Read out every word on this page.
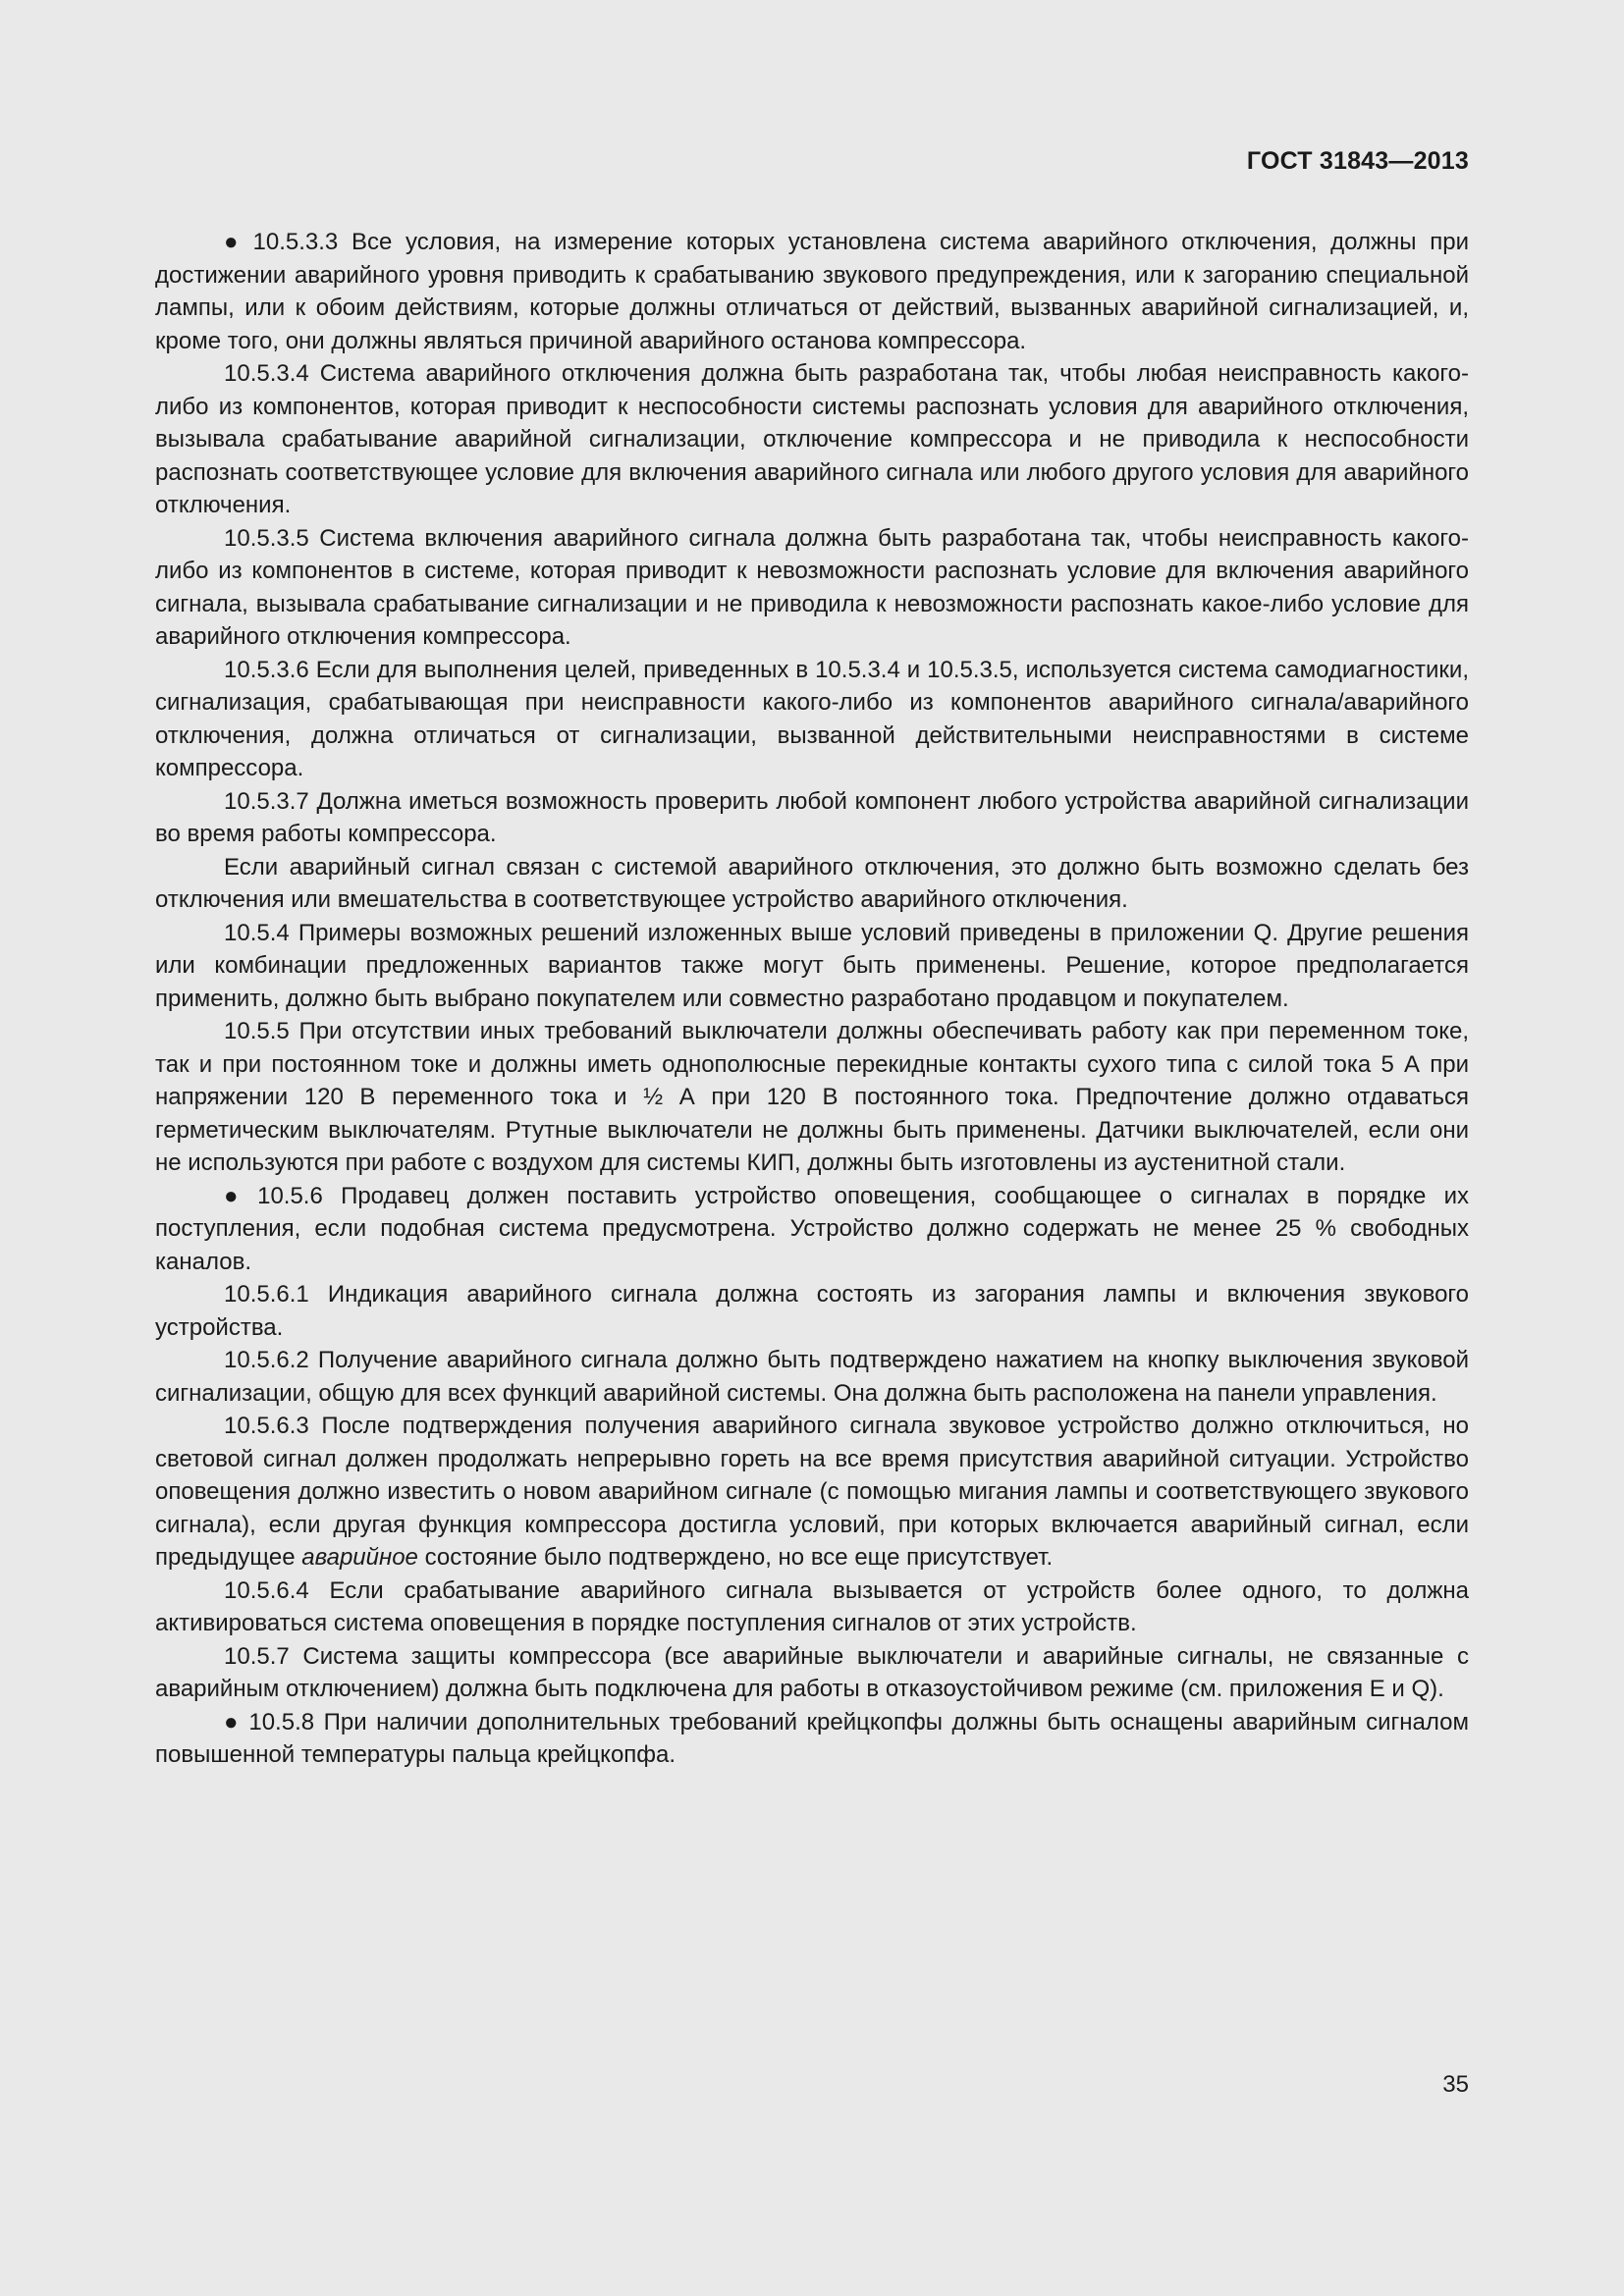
ГОСТ 31843—2013

● 10.5.3.3 Все условия, на измерение которых установлена система аварийного отключения, должны при достижении аварийного уровня приводить к срабатыванию звукового предупреждения, или к загоранию специальной лампы, или к обоим действиям, которые должны отличаться от действий, вызванных аварийной сигнализацией, и, кроме того, они должны являться причиной аварийного останова компрессора.

10.5.3.4 Система аварийного отключения должна быть разработана так, чтобы любая неисправность какого-либо из компонентов, которая приводит к неспособности системы распознать условия для аварийного отключения, вызывала срабатывание аварийной сигнализации, отключение компрессора и не приводила к неспособности распознать соответствующее условие для включения аварийного сигнала или любого другого условия для аварийного отключения.

10.5.3.5 Система включения аварийного сигнала должна быть разработана так, чтобы неисправность какого-либо из компонентов в системе, которая приводит к невозможности распознать условие для включения аварийного сигнала, вызывала срабатывание сигнализации и не приводила к невозможности распознать какое-либо условие для аварийного отключения компрессора.

10.5.3.6 Если для выполнения целей, приведенных в 10.5.3.4 и 10.5.3.5, используется система самодиагностики, сигнализация, срабатывающая при неисправности какого-либо из компонентов аварийного сигнала/аварийного отключения, должна отличаться от сигнализации, вызванной действительными неисправностями в системе компрессора.

10.5.3.7 Должна иметься возможность проверить любой компонент любого устройства аварийной сигнализации во время работы компрессора.

Если аварийный сигнал связан с системой аварийного отключения, это должно быть возможно сделать без отключения или вмешательства в соответствующее устройство аварийного отключения.

10.5.4 Примеры возможных решений изложенных выше условий приведены в приложении Q. Другие решения или комбинации предложенных вариантов также могут быть применены. Решение, которое предполагается применить, должно быть выбрано покупателем или совместно разработано продавцом и покупателем.

10.5.5 При отсутствии иных требований выключатели должны обеспечивать работу как при переменном токе, так и при постоянном токе и должны иметь однополюсные перекидные контакты сухого типа с силой тока 5 А при напряжении 120 В переменного тока и ½ А при 120 В постоянного тока. Предпочтение должно отдаваться герметическим выключателям. Ртутные выключатели не должны быть применены. Датчики выключателей, если они не используются при работе с воздухом для системы КИП, должны быть изготовлены из аустенитной стали.

● 10.5.6 Продавец должен поставить устройство оповещения, сообщающее о сигналах в порядке их поступления, если подобная система предусмотрена. Устройство должно содержать не менее 25 % свободных каналов.

10.5.6.1 Индикация аварийного сигнала должна состоять из загорания лампы и включения звукового устройства.

10.5.6.2 Получение аварийного сигнала должно быть подтверждено нажатием на кнопку выключения звуковой сигнализации, общую для всех функций аварийной системы. Она должна быть расположена на панели управления.

10.5.6.3 После подтверждения получения аварийного сигнала звуковое устройство должно отключиться, но световой сигнал должен продолжать непрерывно гореть на все время присутствия аварийной ситуации. Устройство оповещения должно известить о новом аварийном сигнале (с помощью мигания лампы и соответствующего звукового сигнала), если другая функция компрессора достигла условий, при которых включается аварийный сигнал, если предыдущее аварийное состояние было подтверждено, но все еще присутствует.

10.5.6.4 Если срабатывание аварийного сигнала вызывается от устройств более одного, то должна активироваться система оповещения в порядке поступления сигналов от этих устройств.

10.5.7 Система защиты компрессора (все аварийные выключатели и аварийные сигналы, не связанные с аварийным отключением) должна быть подключена для работы в отказоустойчивом режиме (см. приложения Е и Q).

● 10.5.8 При наличии дополнительных требований крейцкопфы должны быть оснащены аварийным сигналом повышенной температуры пальца крейцкопфа.

35
